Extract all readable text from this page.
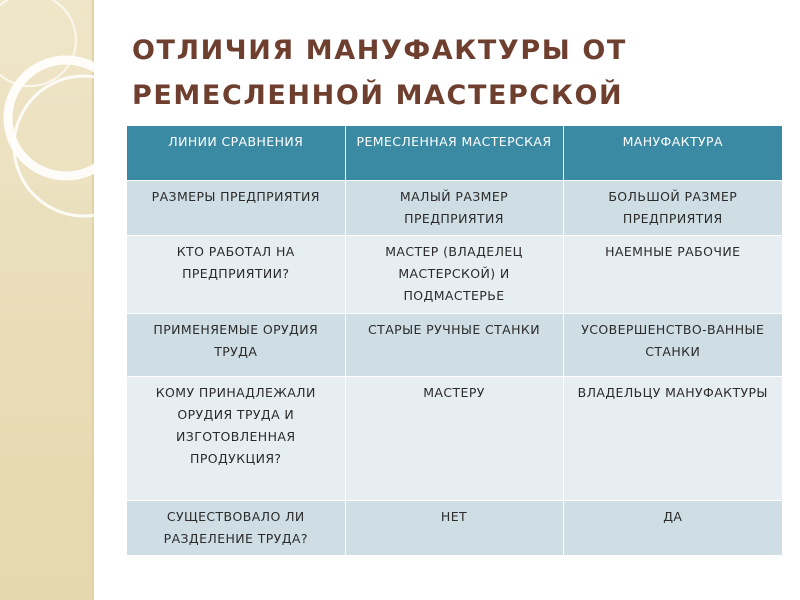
ОТЛИЧИЯ МАНУФАКТУРЫ ОТ
РЕМЕСЛЕННОЙ МАСТЕРСКОЙ
ЛИНИИ СРАВНЕНИЯ	РЕМЕСЛЕННАЯ МАСТЕРСКАЯ	МАНУФАКТУРА
РАЗМЕРЫ ПРЕДПРИЯТИЯ	МАЛЫЙ РАЗМЕР ПРЕДПРИЯТИЯ	БОЛЬШОЙ РАЗМЕР ПРЕДПРИЯТИЯ
КТО РАБОТАЛ НА ПРЕДПРИЯТИИ?	МАСТЕР (ВЛАДЕЛЕЦ МАСТЕРСКОЙ) И ПОДМАСТЕРЬЕ	НАЕМНЫЕ РАБОЧИЕ
ПРИМЕНЯЕМЫЕ ОРУДИЯ ТРУДА	СТАРЫЕ РУЧНЫЕ СТАНКИ	УСОВЕРШЕНСТВО-ВАННЫЕ СТАНКИ
КОМУ ПРИНАДЛЕЖАЛИ ОРУДИЯ ТРУДА И ИЗГОТОВЛЕННАЯ ПРОДУКЦИЯ?	МАСТЕРУ	ВЛАДЕЛЬЦУ МАНУФАКТУРЫ
СУЩЕСТВОВАЛО ЛИ РАЗДЕЛЕНИЕ ТРУДА?	НЕТ	ДА
